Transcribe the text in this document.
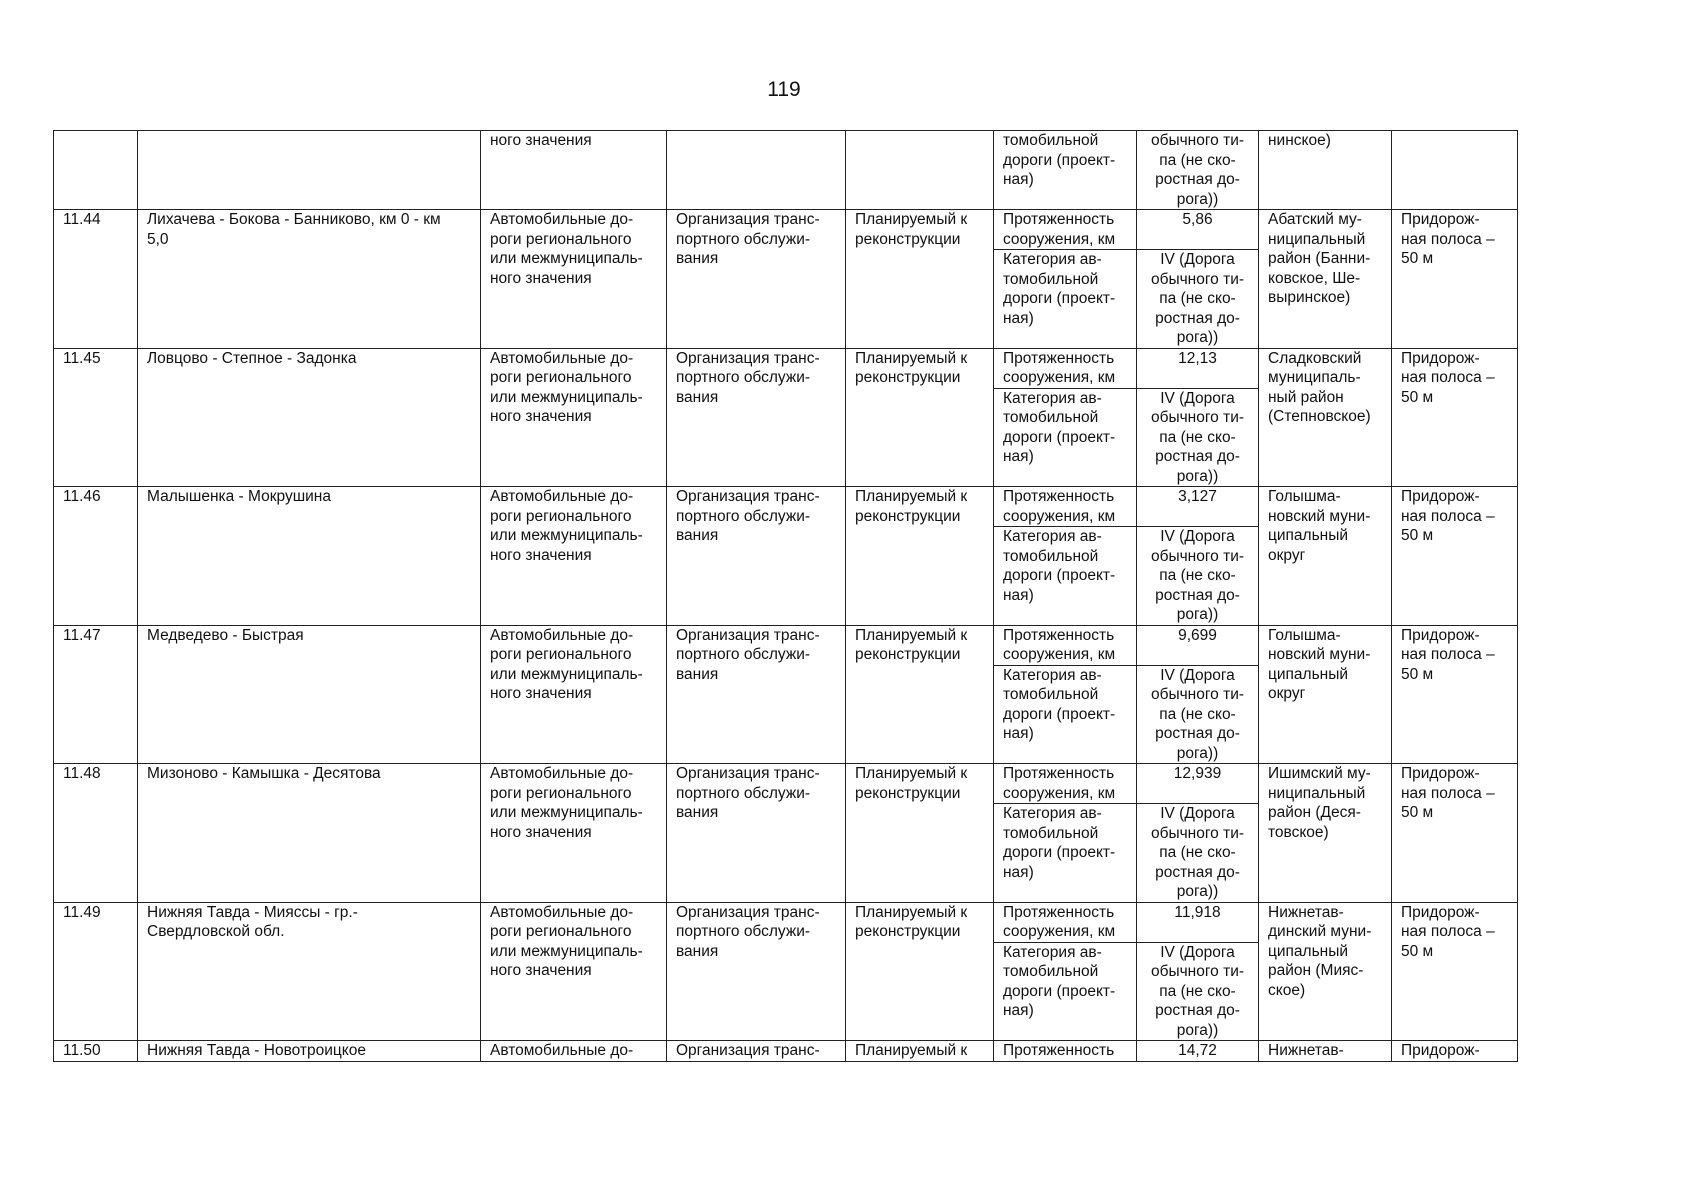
119
		ного значения			томобильной
дороги (проект-
ная)	обычного ти-
па (не ско-
ростная до-
рога))	нинское)	
11.44	Лихачева - Бокова - Банниково, км 0 - км
5,0	Автомобильные до-
роги регионального
или межмуниципаль-
ного значения	Организация транс-
портного обслужи-
вания	Планируемый к
реконструкции	Протяженность
сооружения, км	5,86	Абатский му-
ниципальный
район (Банни-
ковское, Ше-
выринское)	Придорож-
ная полоса –
50 м
					Категория ав-
томобильной
дороги (проект-
ная)	IV (Дорога
обычного ти-
па (не ско-
ростная до-
рога))		
11.45	Ловцово - Степное - Задонка	Автомобильные до-
роги регионального
или межмуниципаль-
ного значения	Организация транс-
портного обслужи-
вания	Планируемый к
реконструкции	Протяженность
сооружения, км	12,13	Сладковский
муниципаль-
ный район
(Степновское)	Придорож-
ная полоса –
50 м
					Категория ав-
томобильной
дороги (проект-
ная)	IV (Дорога
обычного ти-
па (не ско-
ростная до-
рога))		
11.46	Малышенка - Мокрушина	Автомобильные до-
роги регионального
или межмуниципаль-
ного значения	Организация транс-
портного обслужи-
вания	Планируемый к
реконструкции	Протяженность
сооружения, км	3,127	Голышма-
новский муни-
ципальный
округ	Придорож-
ная полоса –
50 м
					Категория ав-
томобильной
дороги (проект-
ная)	IV (Дорога
обычного ти-
па (не ско-
ростная до-
рога))		
11.47	Медведево - Быстрая	Автомобильные до-
роги регионального
или межмуниципаль-
ного значения	Организация транс-
портного обслужи-
вания	Планируемый к
реконструкции	Протяженность
сооружения, км	9,699	Голышма-
новский муни-
ципальный
округ	Придорож-
ная полоса –
50 м
					Категория ав-
томобильной
дороги (проект-
ная)	IV (Дорога
обычного ти-
па (не ско-
ростная до-
рога))		
11.48	Мизоново - Камышка - Десятова	Автомобильные до-
роги регионального
или межмуниципаль-
ного значения	Организация транс-
портного обслужи-
вания	Планируемый к
реконструкции	Протяженность
сооружения, км	12,939	Ишимский му-
ниципальный
район (Деся-
товское)	Придорож-
ная полоса –
50 м
					Категория ав-
томобильной
дороги (проект-
ная)	IV (Дорога
обычного ти-
па (не ско-
ростная до-
рога))		
11.49	Нижняя Тавда - Мияссы - гр.-
Свердловской обл.	Автомобильные до-
роги регионального
или межмуниципаль-
ного значения	Организация транс-
портного обслужи-
вания	Планируемый к
реконструкции	Протяженность
сооружения, км	11,918	Нижнетав-
динский муни-
ципальный
район (Мияс-
ское)	Придорож-
ная полоса –
50 м
					Категория ав-
томобильной
дороги (проект-
ная)	IV (Дорога
обычного ти-
па (не ско-
ростная до-
рога))		
11.50	Нижняя Тавда - Новотроицкое	Автомобильные до-	Организация транс-	Планируемый к	Протяженность	14,72	Нижнетав-	Придорож-
